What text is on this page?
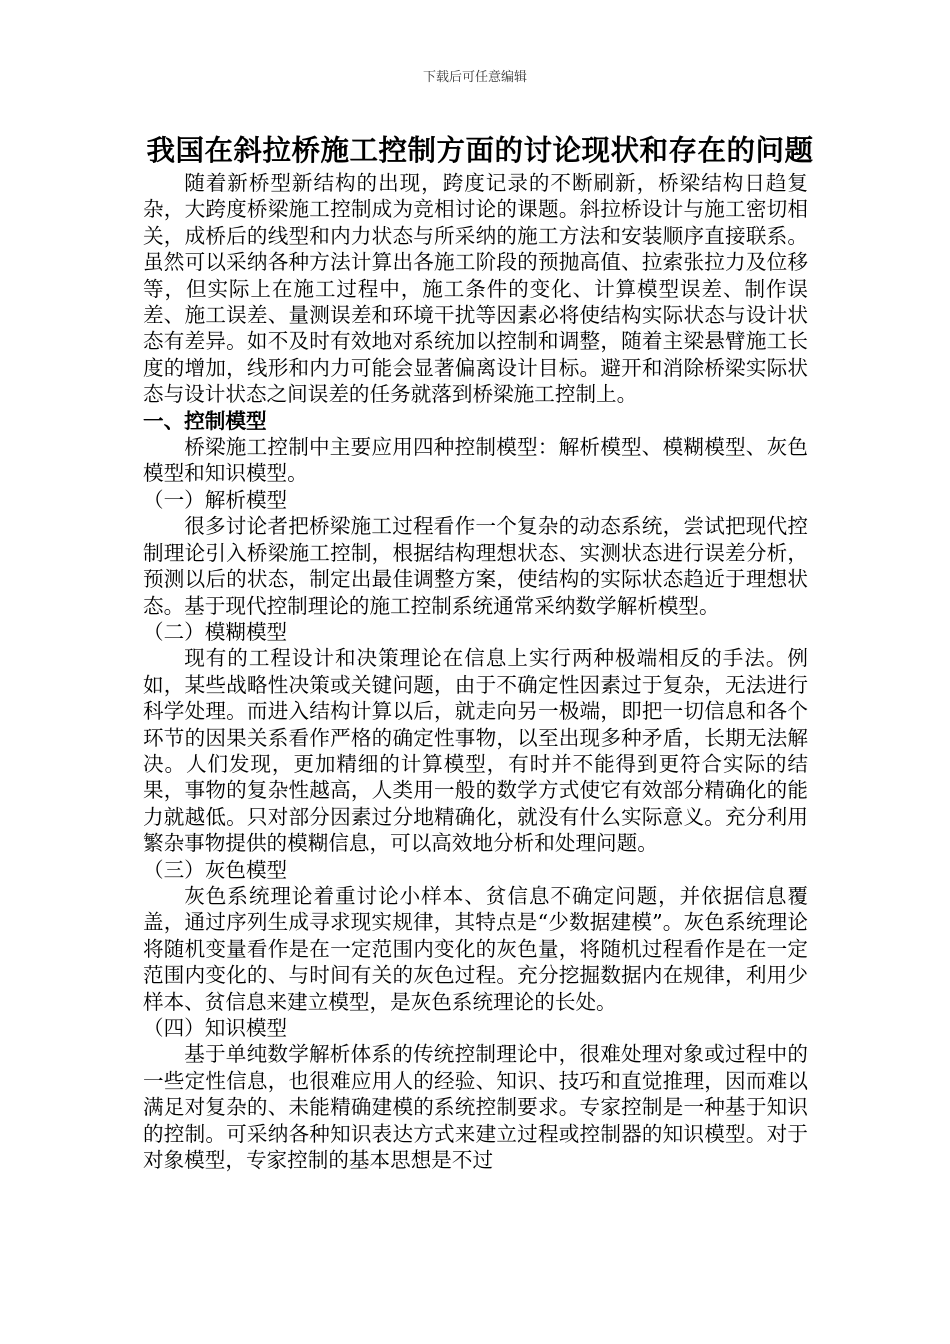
下载后可任意编辑
我国在斜拉桥施工控制方面的讨论现状和存在的问题

随着新桥型新结构的出现，跨度记录的不断刷新，桥梁结构日趋复杂，大跨度桥梁施工控制成为竞相讨论的课题。斜拉桥设计与施工密切相关，成桥后的线型和内力状态与所采纳的施工方法和安装顺序直接联系。虽然可以采纳各种方法计算出各施工阶段的预抛高值、拉索张拉力及位移等，但实际上在施工过程中，施工条件的变化、计算模型误差、制作误差、施工误差、量测误差和环境干扰等因素必将使结构实际状态与设计状态有差异。如不及时有效地对系统加以控制和调整，随着主梁悬臂施工长度的增加，线形和内力可能会显著偏离设计目标。避开和消除桥梁实际状态与设计状态之间误差的任务就落到桥梁施工控制上。

一、控制模型

桥梁施工控制中主要应用四种控制模型：解析模型、模糊模型、灰色模型和知识模型。

（一）解析模型

很多讨论者把桥梁施工过程看作一个复杂的动态系统，尝试把现代控制理论引入桥梁施工控制，根据结构理想状态、实测状态进行误差分析，预测以后的状态，制定出最佳调整方案，使结构的实际状态趋近于理想状态。基于现代控制理论的施工控制系统通常采纳数学解析模型。

（二）模糊模型

现有的工程设计和决策理论在信息上实行两种极端相反的手法。例如，某些战略性决策或关键问题，由于不确定性因素过于复杂，无法进行科学处理。而进入结构计算以后，就走向另一极端，即把一切信息和各个环节的因果关系看作严格的确定性事物，以至出现多种矛盾，长期无法解决。人们发现，更加精细的计算模型，有时并不能得到更符合实际的结果，事物的复杂性越高，人类用一般的数学方式使它有效部分精确化的能力就越低。只对部分因素过分地精确化，就没有什么实际意义。充分利用繁杂事物提供的模糊信息，可以高效地分析和处理问题。

（三）灰色模型

灰色系统理论着重讨论小样本、贫信息不确定问题，并依据信息覆盖，通过序列生成寻求现实规律，其特点是“少数据建模”。灰色系统理论将随机变量看作是在一定范围内变化的灰色量，将随机过程看作是在一定范围内变化的、与时间有关的灰色过程。充分挖掘数据内在规律，利用少样本、贫信息来建立模型，是灰色系统理论的长处。

（四）知识模型

基于单纯数学解析体系的传统控制理论中，很难处理对象或过程中的一些定性信息，也很难应用人的经验、知识、技巧和直觉推理，因而难以满足对复杂的、未能精确建模的系统控制要求。专家控制是一种基于知识的控制。可采纳各种知识表达方式来建立过程或控制器的知识模型。对于对象模型，专家控制的基本思想是不过
